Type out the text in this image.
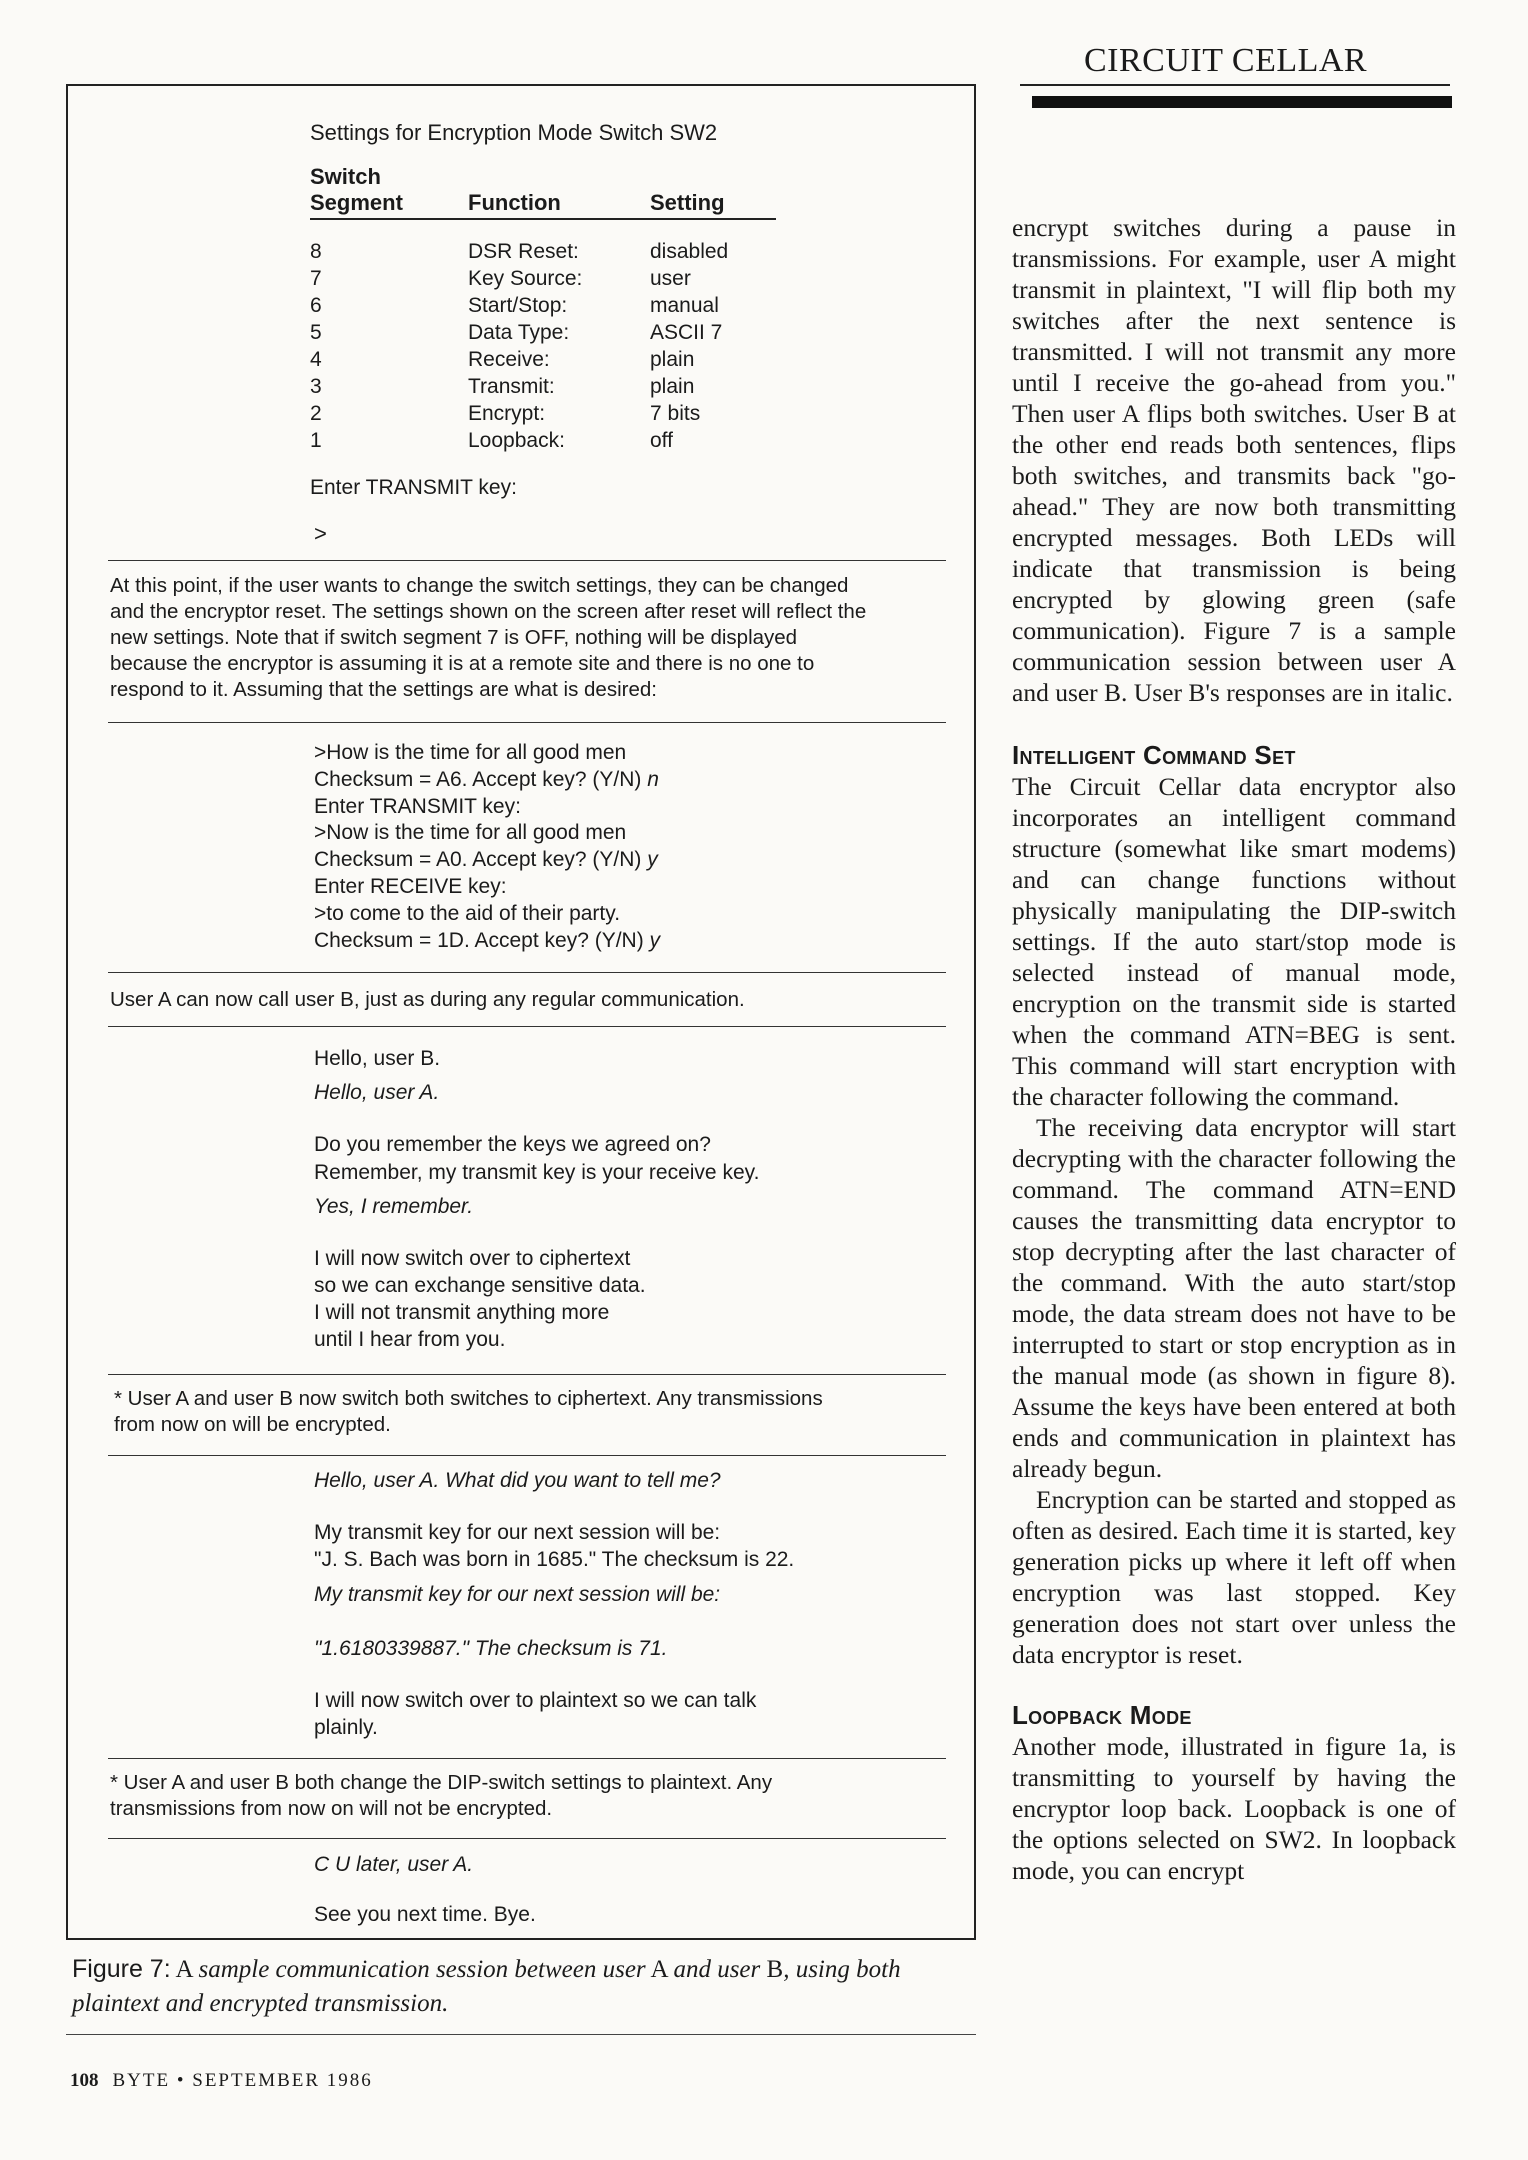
CIRCUIT CELLAR
Settings for Encryption Mode Switch SW2
Switch
Segment	Function	Setting
8	DSR Reset:	disabled
7	Key Source:	user
6	Start/Stop:	manual
5	Data Type:	ASCII 7
4	Receive:	plain
3	Transmit:	plain
2	Encrypt:	7 bits
1	Loopback:	off
Enter TRANSMIT key:
>
At this point, if the user wants to change the switch settings, they can be changed
and the encryptor reset. The settings shown on the screen after reset will reflect the
new settings. Note that if switch segment 7 is OFF, nothing will be displayed
because the encryptor is assuming it is at a remote site and there is no one to
respond to it. Assuming that the settings are what is desired:
>How is the time for all good men
Checksum = A6. Accept key? (Y/N) n
Enter TRANSMIT key:
>Now is the time for all good men
Checksum = A0. Accept key? (Y/N) y
Enter RECEIVE key:
>to come to the aid of their party.
Checksum = 1D. Accept key? (Y/N) y
User A can now call user B, just as during any regular communication.
Hello, user B.
Hello, user A.
Do you remember the keys we agreed on?
Remember, my transmit key is your receive key.
Yes, I remember.
I will now switch over to ciphertext
so we can exchange sensitive data.
I will not transmit anything more
until I hear from you.
* User A and user B now switch both switches to ciphertext. Any transmissions
from now on will be encrypted.
Hello, user A. What did you want to tell me?
My transmit key for our next session will be:
"J. S. Bach was born in 1685." The checksum is 22.
My transmit key for our next session will be:
"1.6180339887." The checksum is 71.
I will now switch over to plaintext so we can talk
plainly.
* User A and user B both change the DIP-switch settings to plaintext. Any
transmissions from now on will not be encrypted.
C U later, user A.
See you next time. Bye.
Figure 7: A sample communication session between user A and user B, using both plaintext and encrypted transmission.

encrypt switches during a pause in transmissions. For example, user A might transmit in plaintext, "I will flip both my switches after the next sentence is transmitted. I will not transmit any more until I receive the go-ahead from you." Then user A flips both switches. User B at the other end reads both sentences, flips both switches, and transmits back "go-ahead." They are now both transmitting encrypted messages. Both LEDs will indicate that transmission is being encrypted by glowing green (safe communication). Figure 7 is a sample communication session between user A and user B. User B's responses are in italic.

Intelligent Command Set

The Circuit Cellar data encryptor also incorporates an intelligent command structure (somewhat like smart modems) and can change functions without physically manipulating the DIP-switch settings. If the auto start/stop mode is selected instead of manual mode, encryption on the transmit side is started when the command ATN=BEG is sent. This command will start encryption with the character following the command.

The receiving data encryptor will start decrypting with the character following the command. The command ATN=END causes the transmitting data encryptor to stop decrypting after the last character of the command. With the auto start/stop mode, the data stream does not have to be interrupted to start or stop encryption as in the manual mode (as shown in figure 8). Assume the keys have been entered at both ends and communication in plaintext has already begun.

Encryption can be started and stopped as often as desired. Each time it is started, key generation picks up where it left off when encryption was last stopped. Key generation does not start over unless the data encryptor is reset.

Loopback Mode

Another mode, illustrated in figure 1a, is transmitting to yourself by having the encryptor loop back. Loopback is one of the options selected on SW2. In loopback mode, you can encrypt

108 BYTE • SEPTEMBER 1986
